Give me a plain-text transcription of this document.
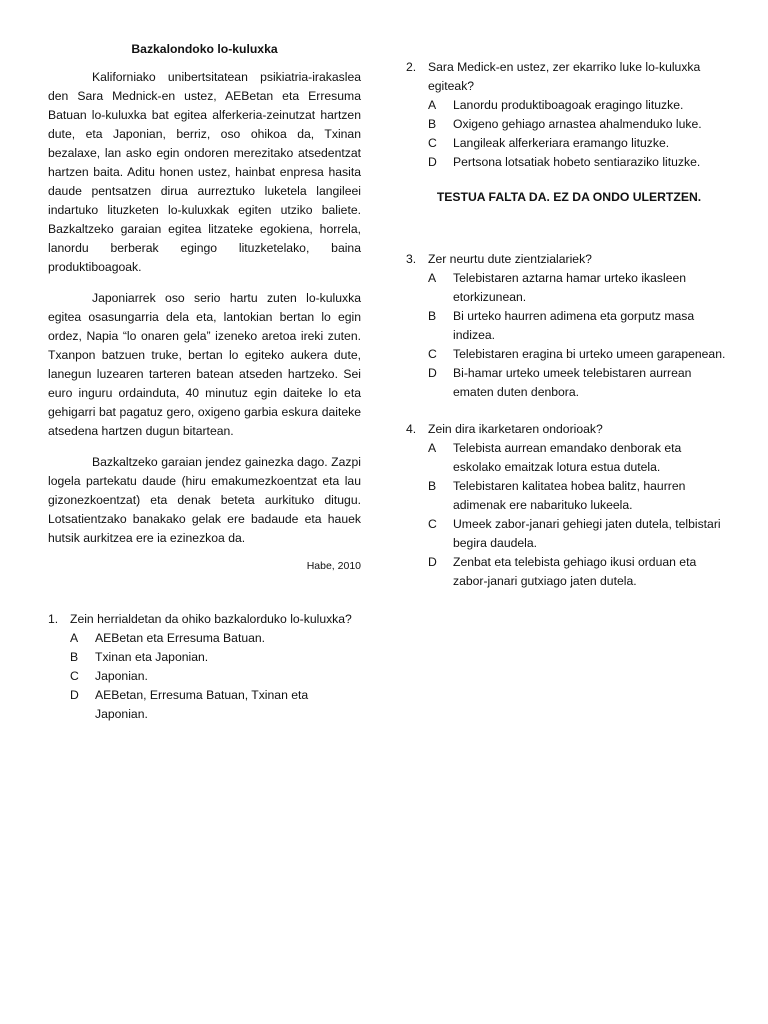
Bazkalondoko lo-kuluxka

Kaliforniako unibertsitatean psikiatria-irakaslea den Sara Mednick-en ustez, AEBetan eta Erresuma Batuan lo-kuluxka bat egitea alferkeria-zeinutzat hartzen dute, eta Japonian, berriz, oso ohikoa da, Txinan bezalaxe, lan asko egin ondoren merezitako atsedentzat hartzen baita. Aditu honen ustez, hainbat enpresa hasita daude pentsatzen dirua aurreztuko luketela langileei indartuko lituzketen lo-kuluxkak egiten utziko baliete. Bazkaltzeko garaian egitea litzateke egokiena, horrela, lanordu berberak egingo lituzketelako, baina produktiboagoak.

Japoniarrek oso serio hartu zuten lo-kuluxka egitea osasungarria dela eta, lantokian bertan lo egin ordez, Napia “lo onaren gela” izeneko aretoa ireki zuten. Txanpon batzuen truke, bertan lo egiteko aukera dute, lanegun luzearen tarteren batean atseden hartzeko. Sei euro inguru ordainduta, 40 minutuz egin daiteke lo eta gehigarri bat pagatuz gero, oxigeno garbia eskura daiteke atsedena hartzen dugun bitartean.

Bazkaltzeko garaian jendez gainezka dago. Zazpi logela partekatu daude (hiru emakumezkoentzat eta lau gizonezkoentzat) eta denak beteta aurkituko ditugu. Lotsatientzako banakako gelak ere badaude eta hauek hutsik aurkitzea ere ia ezinezkoa da.

Habe, 2010
1. Zein herrialdetan da ohiko bazkalorduko lo-kuluxka?
A	AEBetan eta Erresuma Batuan.
B	Txinan eta Japonian.
C	Japonian.
D	AEBetan, Erresuma Batuan, Txinan eta Japonian.
2. Sara Medick-en ustez, zer ekarriko luke lo-kuluxka egiteak?
A	Lanordu produktiboagoak eragingo lituzke.
B	Oxigeno gehiago arnastea ahalmenduko luke.
C	Langileak alferkeriara eramango lituzke.
D	Pertsona lotsatiak hobeto sentiaraziko lituzke.
TESTUA FALTA DA. EZ DA ONDO ULERTZEN.
3. Zer neurtu dute zientzialariek?
A	Telebistaren aztarna hamar urteko ikasleen etorkizunean.
B	Bi urteko haurren adimena eta gorputz masa indizea.
C	Telebistaren eragina bi urteko umeen garapenean.
D	Bi-hamar urteko umeek telebistaren aurrean ematen duten denbora.
4. Zein dira ikarketaren ondorioak?
A	Telebista aurrean emandako denborak eta eskolako emaitzak lotura estua dutela.
B	Telebistaren kalitatea hobea balitz, haurren adimenak ere nabarituko lukeela.
C	Umeek zabor-janari gehiegi jaten dutela, telbistari begira daudela.
D	Zenbat eta telebista gehiago ikusi orduan eta zabor-janari gutxiago jaten dutela.
